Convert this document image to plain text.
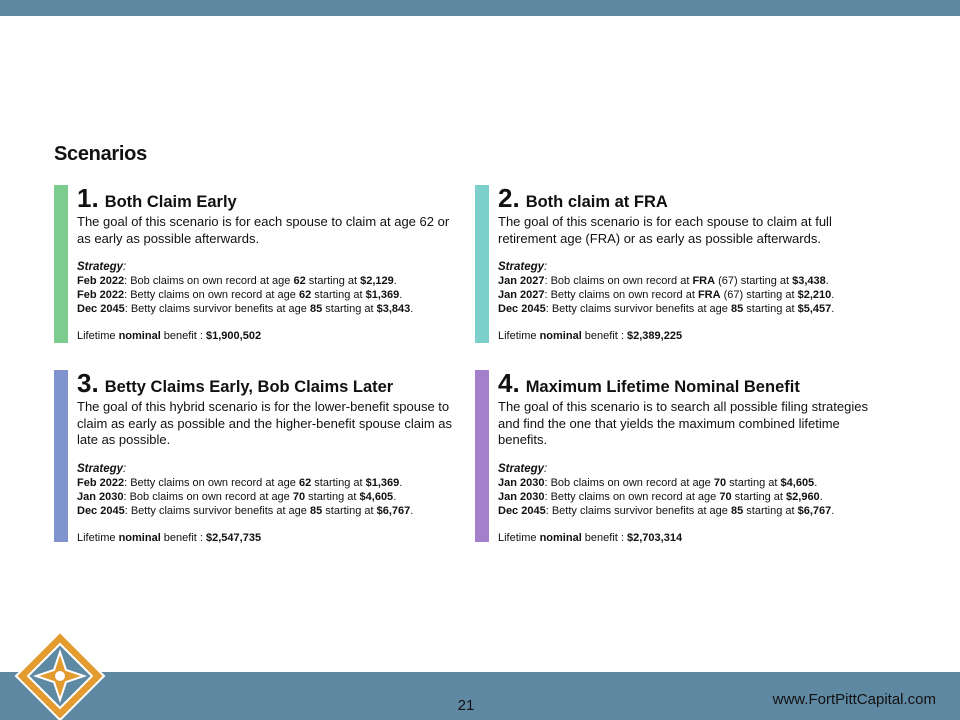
Scenarios
1. Both Claim Early

The goal of this scenario is for each spouse to claim at age 62 or as early as possible afterwards.

Strategy:
Feb 2022: Bob claims on own record at age 62 starting at $2,129.
Feb 2022: Betty claims on own record at age 62 starting at $1,369.
Dec 2045: Betty claims survivor benefits at age 85 starting at $3,843.
Lifetime nominal benefit : $1,900,502
2. Both claim at FRA

The goal of this scenario is for each spouse to claim at full retirement age (FRA) or as early as possible afterwards.

Strategy:
Jan 2027: Bob claims on own record at FRA (67) starting at $3,438.
Jan 2027: Betty claims on own record at FRA (67) starting at $2,210.
Dec 2045: Betty claims survivor benefits at age 85 starting at $5,457.
Lifetime nominal benefit : $2,389,225
3. Betty Claims Early, Bob Claims Later

The goal of this hybrid scenario is for the lower-benefit spouse to claim as early as possible and the higher-benefit spouse claim as late as possible.

Strategy:
Feb 2022: Betty claims on own record at age 62 starting at $1,369.
Jan 2030: Bob claims on own record at age 70 starting at $4,605.
Dec 2045: Betty claims survivor benefits at age 85 starting at $6,767.
Lifetime nominal benefit : $2,547,735
4. Maximum Lifetime Nominal Benefit

The goal of this scenario is to search all possible filing strategies and find the one that yields the maximum combined lifetime benefits.

Strategy:
Jan 2030: Bob claims on own record at age 70 starting at $4,605.
Jan 2030: Betty claims on own record at age 70 starting at $2,960.
Dec 2045: Betty claims survivor benefits at age 85 starting at $6,767.
Lifetime nominal benefit : $2,703,314
21	www.FortPittCapital.com
